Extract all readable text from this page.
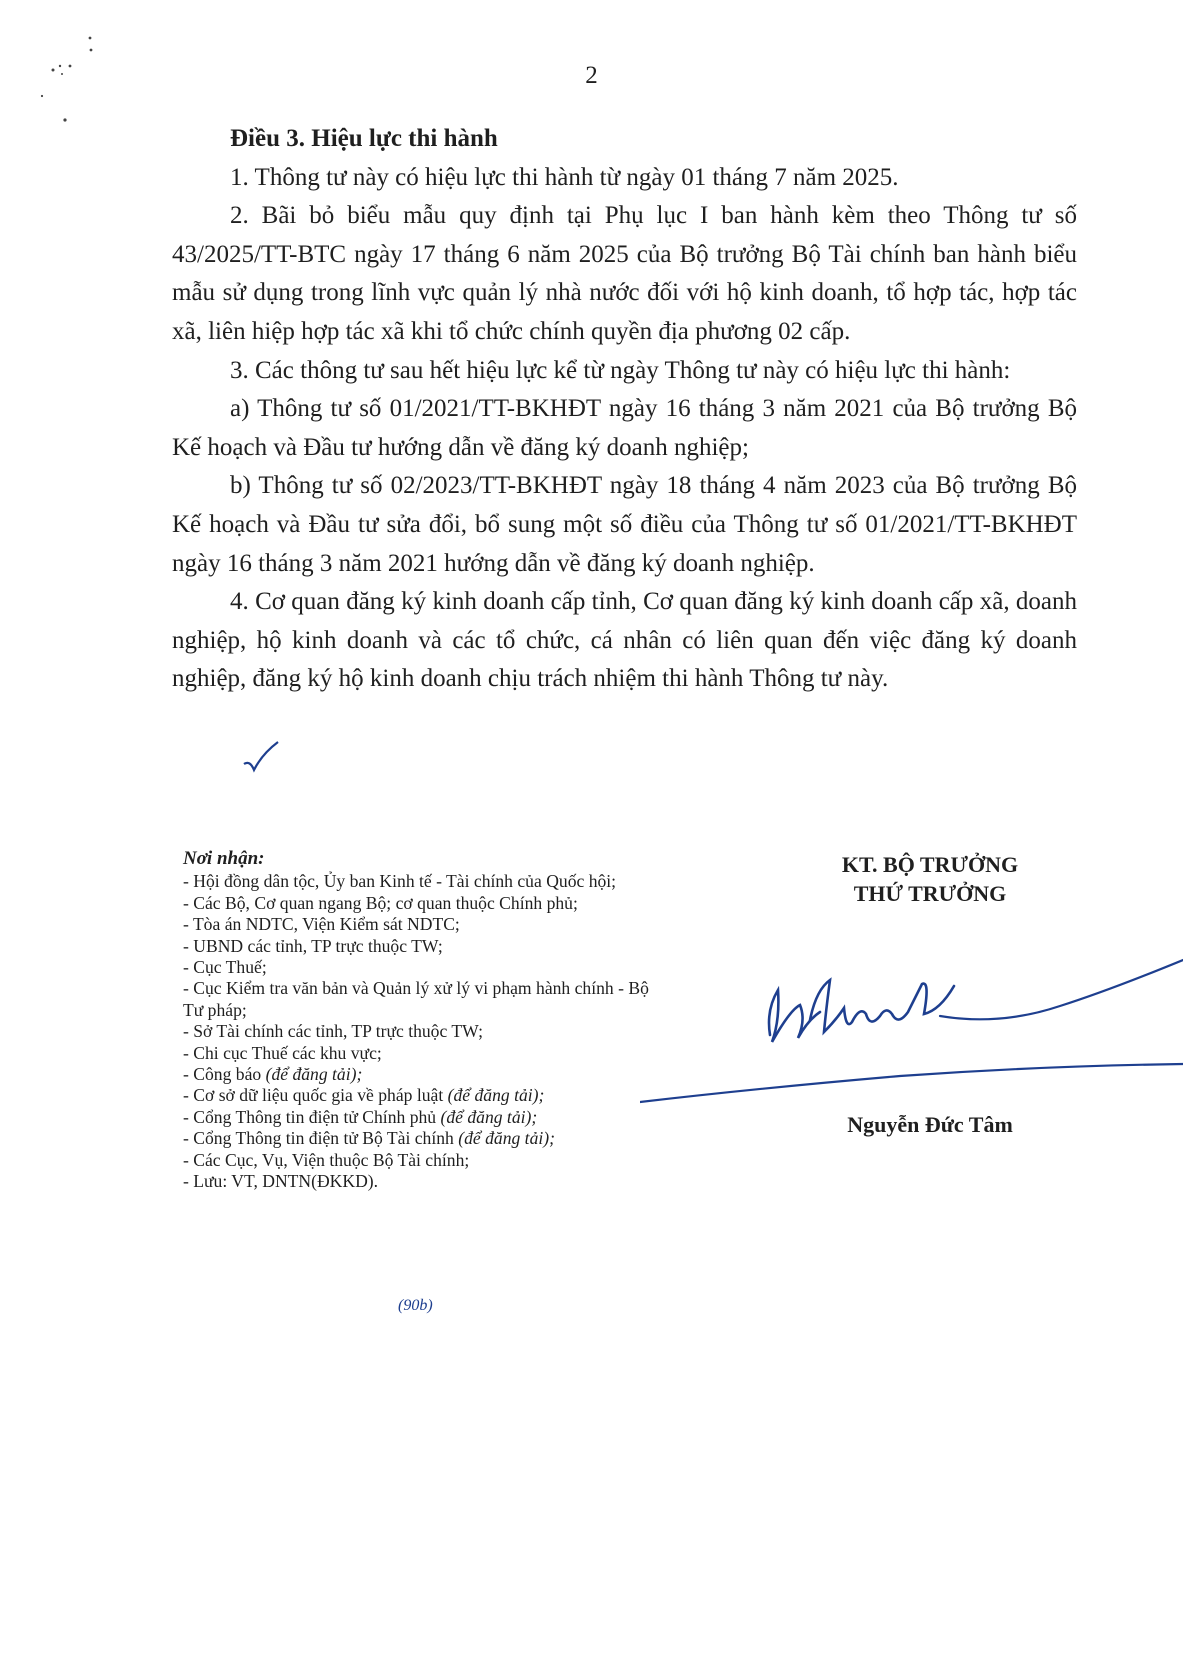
2

Điều 3. Hiệu lực thi hành

1. Thông tư này có hiệu lực thi hành từ ngày 01 tháng 7 năm 2025.

2. Bãi bỏ biểu mẫu quy định tại Phụ lục I ban hành kèm theo Thông tư số 43/2025/TT-BTC ngày 17 tháng 6 năm 2025 của Bộ trưởng Bộ Tài chính ban hành biểu mẫu sử dụng trong lĩnh vực quản lý nhà nước đối với hộ kinh doanh, tổ hợp tác, hợp tác xã, liên hiệp hợp tác xã khi tổ chức chính quyền địa phương 02 cấp.

3. Các thông tư sau hết hiệu lực kể từ ngày Thông tư này có hiệu lực thi hành:

a) Thông tư số 01/2021/TT-BKHĐT ngày 16 tháng 3 năm 2021 của Bộ trưởng Bộ Kế hoạch và Đầu tư hướng dẫn về đăng ký doanh nghiệp;

b) Thông tư số 02/2023/TT-BKHĐT ngày 18 tháng 4 năm 2023 của Bộ trưởng Bộ Kế hoạch và Đầu tư sửa đổi, bổ sung một số điều của Thông tư số 01/2021/TT-BKHĐT ngày 16 tháng 3 năm 2021 hướng dẫn về đăng ký doanh nghiệp.

4. Cơ quan đăng ký kinh doanh cấp tỉnh, Cơ quan đăng ký kinh doanh cấp xã, doanh nghiệp, hộ kinh doanh và các tổ chức, cá nhân có liên quan đến việc đăng ký doanh nghiệp, đăng ký hộ kinh doanh chịu trách nhiệm thi hành Thông tư này.

Nơi nhận:
- Hội đồng dân tộc, Ủy ban Kinh tế - Tài chính của Quốc hội;
- Các Bộ, Cơ quan ngang Bộ; cơ quan thuộc Chính phủ;
- Tòa án NDTC, Viện Kiểm sát NDTC;
- UBND các tỉnh, TP trực thuộc TW;
- Cục Thuế;
- Cục Kiểm tra văn bản và Quản lý xử lý vi phạm hành chính - Bộ Tư pháp;
- Sở Tài chính các tỉnh, TP trực thuộc TW;
- Chi cục Thuế các khu vực;
- Công báo (để đăng tải);
- Cơ sở dữ liệu quốc gia về pháp luật (để đăng tải);
- Cổng Thông tin điện tử Chính phủ (để đăng tải);
- Cổng Thông tin điện tử Bộ Tài chính (để đăng tải);
- Các Cục, Vụ, Viện thuộc Bộ Tài chính;
- Lưu: VT, DNTN(ĐKKD).
(90b)
KT. BỘ TRƯỞNG
THỨ TRƯỞNG
Nguyễn Đức Tâm
